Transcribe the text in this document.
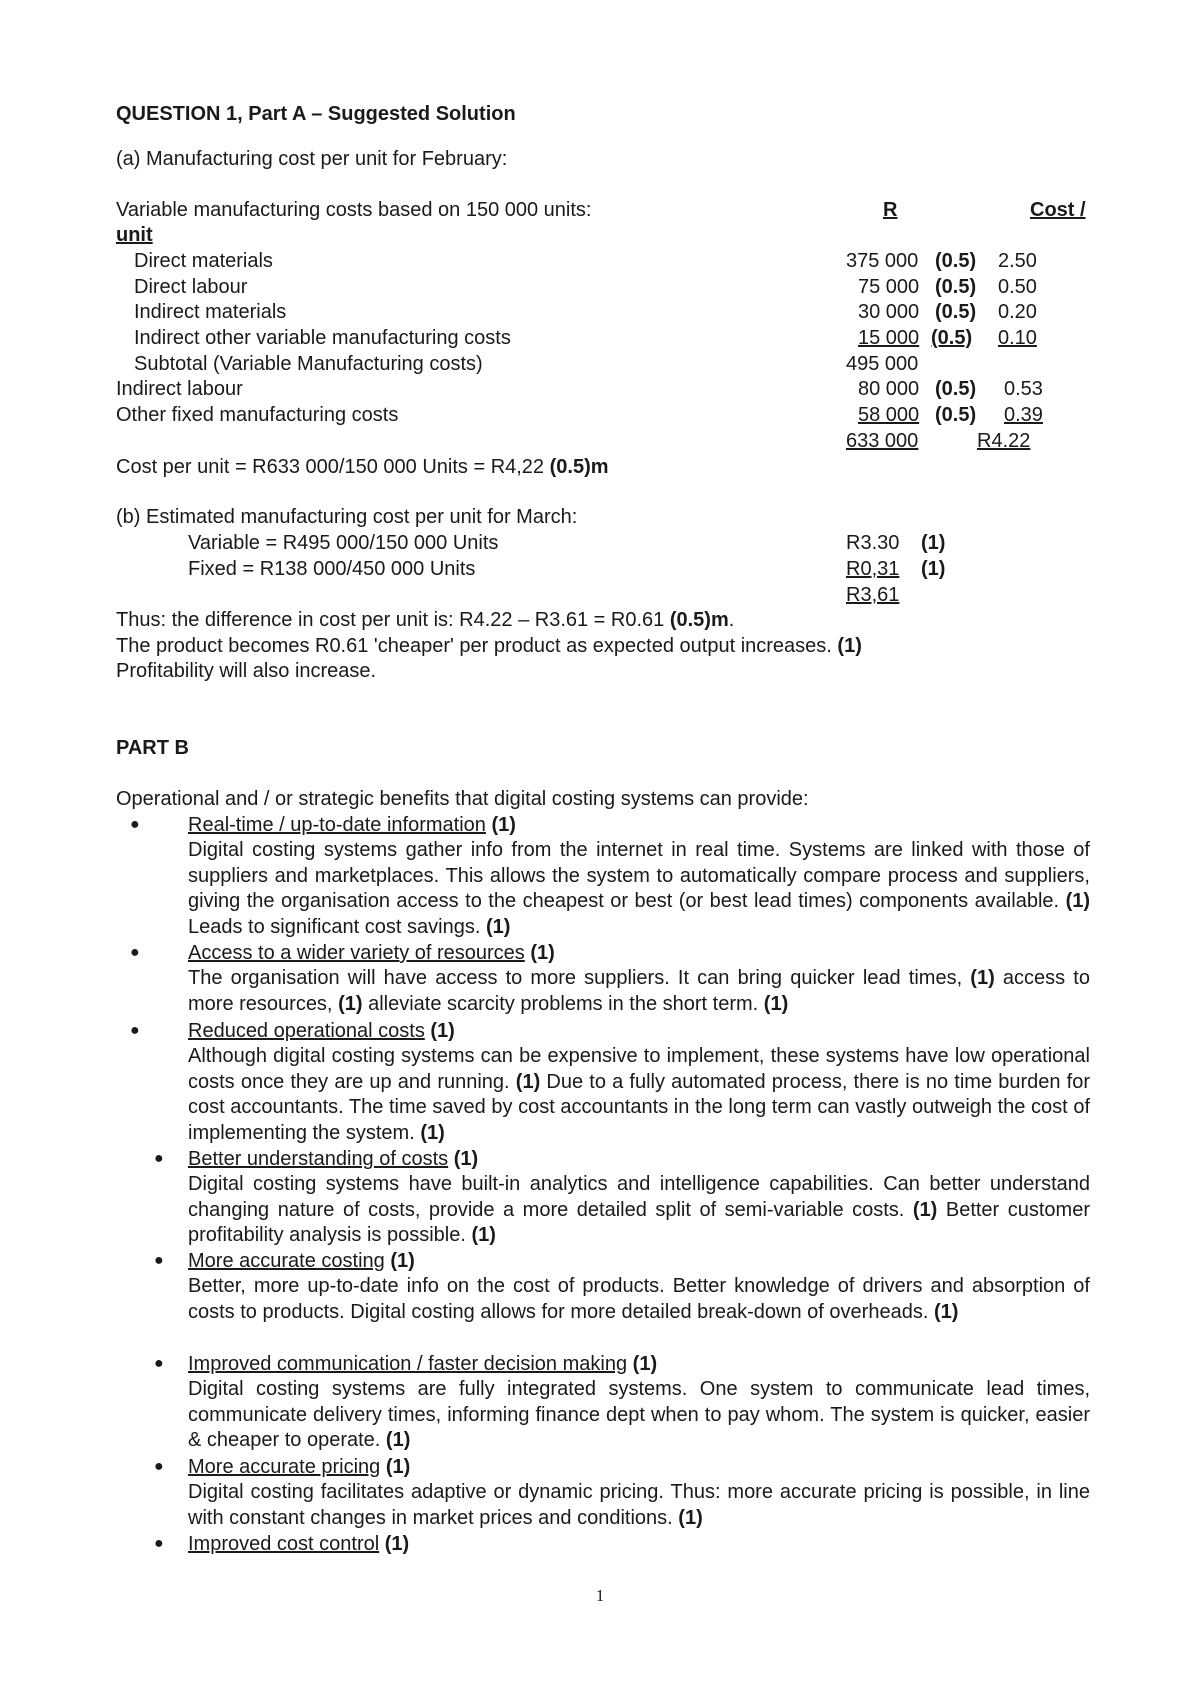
QUESTION 1, Part A – Suggested Solution
(a) Manufacturing cost per unit for February:
Variable manufacturing costs based on 150 000 units:	R	Cost /
unit
Direct materials	375 000 (0.5) 2.50
Direct labour	75 000 (0.5) 0.50
Indirect materials	30 000 (0.5) 0.20
Indirect other variable manufacturing costs	15 000 (0.5)	0.10
Subtotal (Variable Manufacturing costs)	495 000
Indirect labour	80 000 (0.5) 0.53
Other fixed manufacturing costs	58 000 (0.5)	0.39
633 000	R4.22
Cost per unit = R633 000/150 000 Units = R4,22 (0.5)m
(b) Estimated manufacturing cost per unit for March:
Variable = R495 000/150 000 Units	R3.30 (1)
Fixed = R138 000/450 000 Units	R0,31 (1)
R3,61
Thus: the difference in cost per unit is: R4.22 – R3.61 = R0.61 (0.5)m.
The product becomes R0.61 'cheaper' per product as expected output increases. (1)
Profitability will also increase.
PART B
Operational and / or strategic benefits that digital costing systems can provide:
● Real-time / up-to-date information (1)
Digital costing systems gather info from the internet in real time. Systems are linked with those of suppliers and marketplaces. This allows the system to automatically compare process and suppliers, giving the organisation access to the cheapest or best (or best lead times) components available. (1) Leads to significant cost savings. (1)
● Access to a wider variety of resources (1)
The organisation will have access to more suppliers. It can bring quicker lead times, (1) access to more resources, (1) alleviate scarcity problems in the short term. (1)
● Reduced operational costs (1)
Although digital costing systems can be expensive to implement, these systems have low operational costs once they are up and running. (1) Due to a fully automated process, there is no time burden for cost accountants. The time saved by cost accountants in the long term can vastly outweigh the cost of implementing the system. (1)
● Better understanding of costs (1)
Digital costing systems have built-in analytics and intelligence capabilities. Can better understand changing nature of costs, provide a more detailed split of semi-variable costs. (1) Better customer profitability analysis is possible. (1)
● More accurate costing (1)
Better, more up-to-date info on the cost of products. Better knowledge of drivers and absorption of costs to products. Digital costing allows for more detailed break-down of overheads. (1)
● Improved communication / faster decision making (1)
Digital costing systems are fully integrated systems. One system to communicate lead times, communicate delivery times, informing finance dept when to pay whom. The system is quicker, easier & cheaper to operate. (1)
● More accurate pricing (1)
Digital costing facilitates adaptive or dynamic pricing. Thus: more accurate pricing is possible, in line with constant changes in market prices and conditions. (1)
● Improved cost control (1)
1
